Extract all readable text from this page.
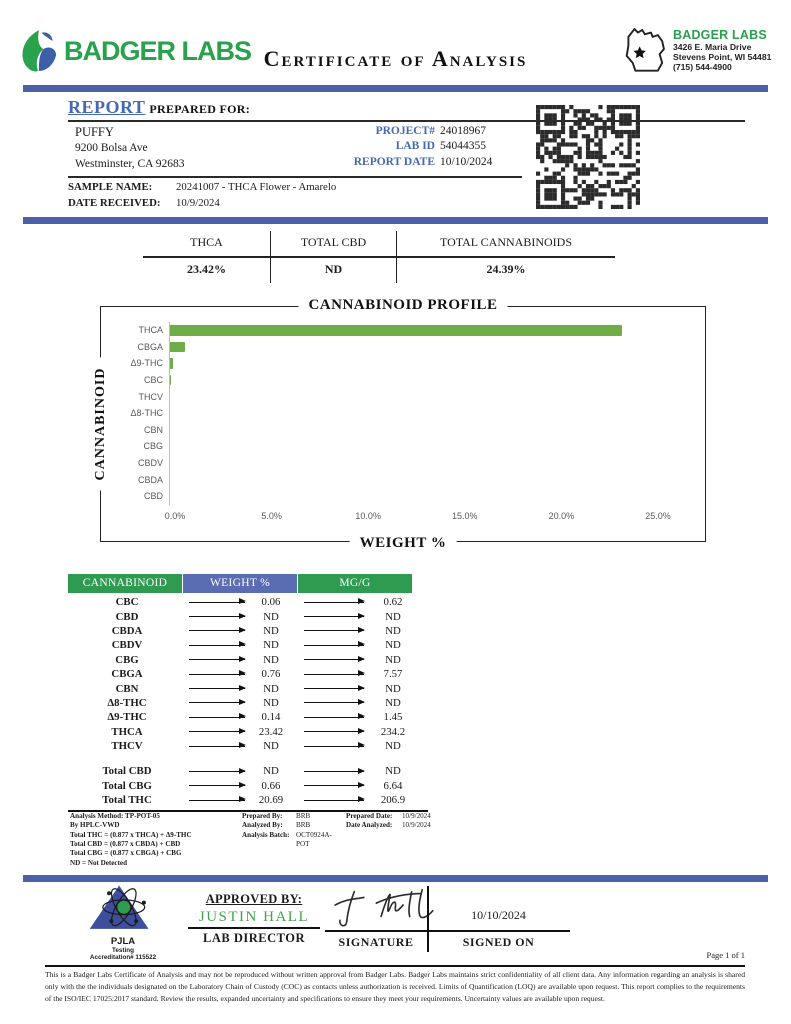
BADGER LABS Certificate of Analysis
BADGER LABS
3426 E. Maria Drive
Stevens Point, WI 54481
(715) 544-4900
REPORT PREPARED FOR:
PUFFY
9200 Bolsa Ave
Westminster, CA 92683
PROJECT# 24018967
LAB ID 54044355
REPORT DATE 10/10/2024
SAMPLE NAME:	20241007 - THCA Flower - Amarelo
DATE RECEIVED:	10/9/2024
THCA	TOTAL CBD	TOTAL CANNABINOIDS
23.42%	ND	24.39%
CANNABINOID PROFILE
CANNABINOID
WEIGHT %
THCA
CBGA
Δ9-THC
CBC
THCV
Δ8-THC
CBN
CBG
CBDV
CBDA
CBD
0.0%	5.0%	10.0%	15.0%	20.0%	25.0%
CANNABINOID	WEIGHT %	MG/G
CBC	0.06	0.62
CBD	ND	ND
CBDA	ND	ND
CBDV	ND	ND
CBG	ND	ND
CBGA	0.76	7.57
CBN	ND	ND
Δ8-THC	ND	ND
Δ9-THC	0.14	1.45
THCA	23.42	234.2
THCV	ND	ND
Total CBD	ND	ND
Total CBG	0.66	6.64
Total THC	20.69	206.9
Analysis Method: TP-POT-05
By HPLC-VWD
Total THC = (0.877 x THCA) + Δ9-THC
Total CBD = (0.877 x CBDA) + CBD
Total CBG = (0.877 x CBGA) + CBG
ND = Not Detected
Prepared By:	BRB	Prepared Date:	10/9/2024
Analyzed By:	BRB	Date Analyzed:	10/9/2024
Analysis Batch: OCT0924A-POT
PJLA
Testing
Accreditation# 115522
APPROVED BY:
JUSTIN HALL
LAB DIRECTOR	SIGNATURE
10/10/2024
SIGNED ON
Page 1 of 1
This is a Badger Labs Certificate of Analysis and may not be reproduced without written approval from Badger Labs. Badger Labs maintains strict confidentiality of all client data. Any information regarding an analysis is shared only with the the individuals designated on the Laboratory Chain of Custody (COC) as contacts unless authorization is received. Limits of Quantification (LOQ) are available upon request. This report complies to the requirements of the ISO/IEC 17025:2017 standard. Review the results, expanded uncertainty and specifications to ensure they meet your requirements. Uncertainty values are available upon request.
